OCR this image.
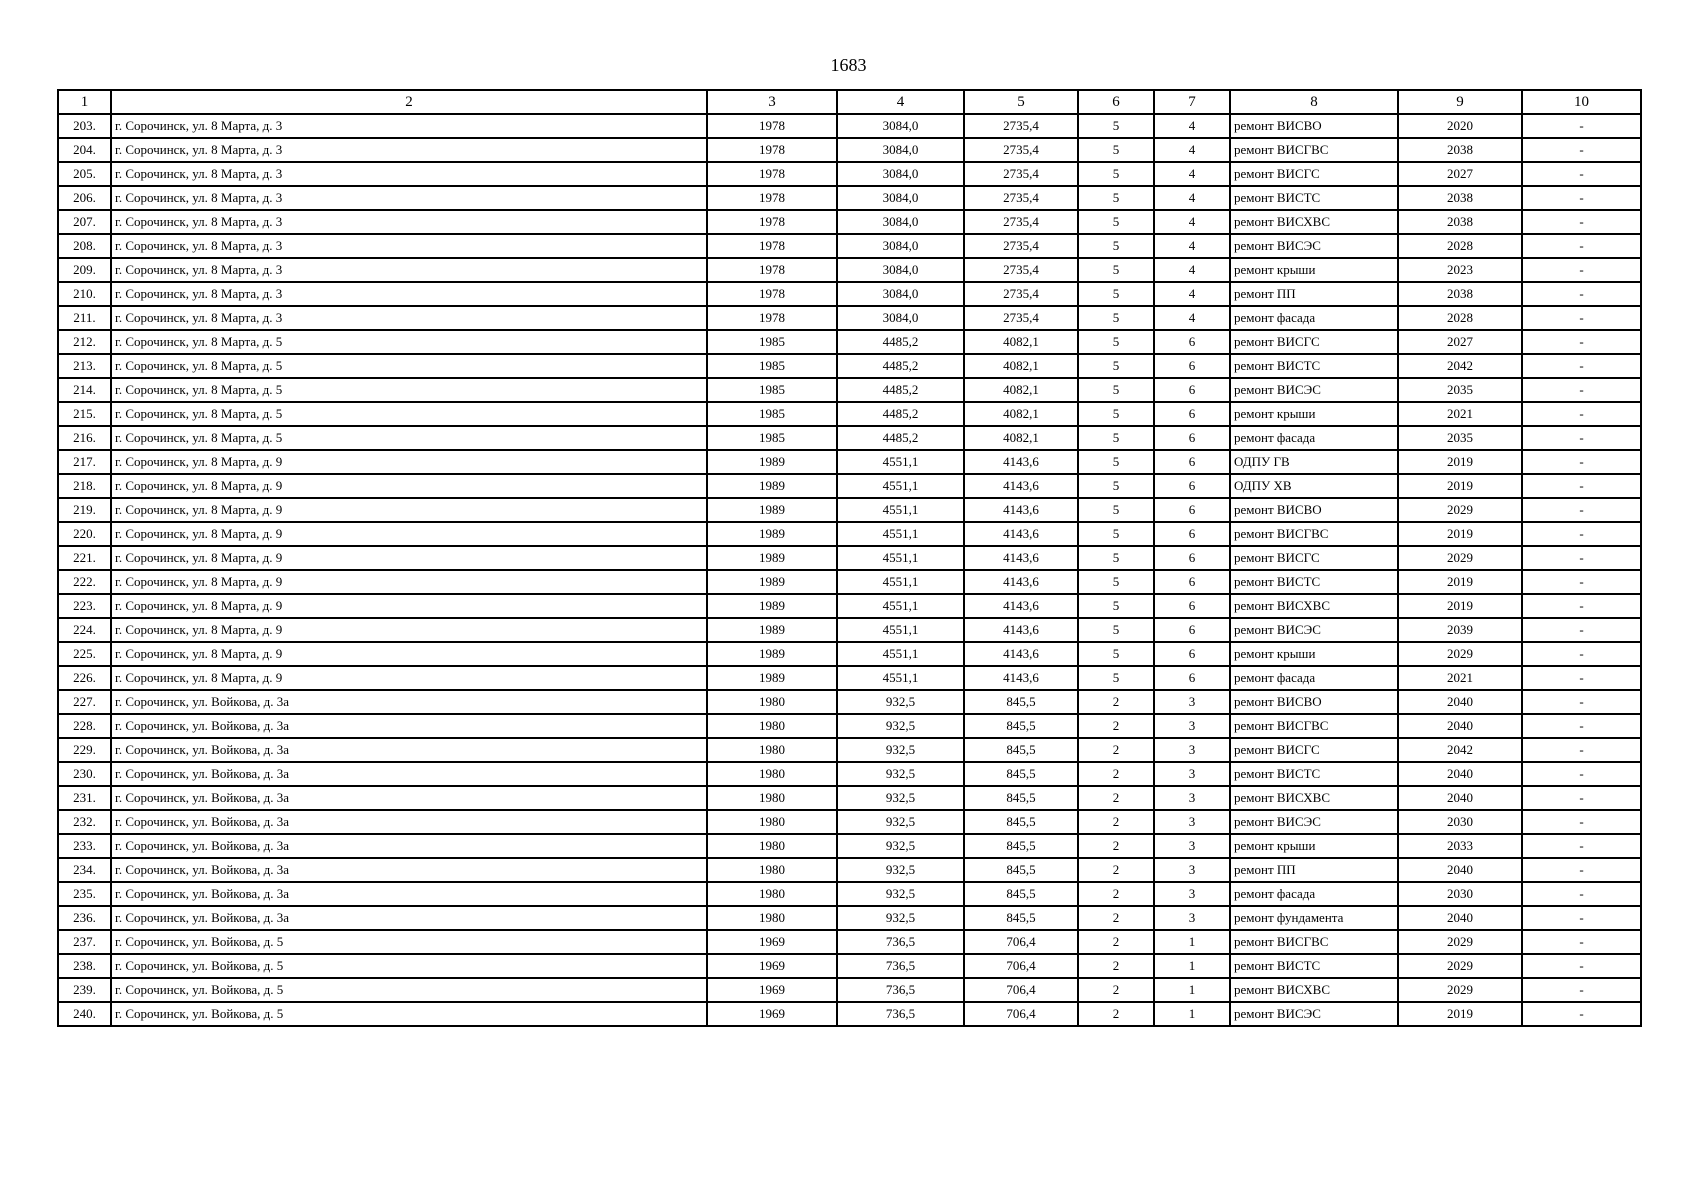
1683
1	2	3	4	5	6	7	8	9	10
203.	г. Сорочинск, ул. 8 Марта, д. 3	1978	3084,0	2735,4	5	4	ремонт ВИСВО	2020	-
204.	г. Сорочинск, ул. 8 Марта, д. 3	1978	3084,0	2735,4	5	4	ремонт ВИСГВС	2038	-
205.	г. Сорочинск, ул. 8 Марта, д. 3	1978	3084,0	2735,4	5	4	ремонт ВИСГС	2027	-
206.	г. Сорочинск, ул. 8 Марта, д. 3	1978	3084,0	2735,4	5	4	ремонт ВИСТС	2038	-
207.	г. Сорочинск, ул. 8 Марта, д. 3	1978	3084,0	2735,4	5	4	ремонт ВИСХВС	2038	-
208.	г. Сорочинск, ул. 8 Марта, д. 3	1978	3084,0	2735,4	5	4	ремонт ВИСЭС	2028	-
209.	г. Сорочинск, ул. 8 Марта, д. 3	1978	3084,0	2735,4	5	4	ремонт крыши	2023	-
210.	г. Сорочинск, ул. 8 Марта, д. 3	1978	3084,0	2735,4	5	4	ремонт ПП	2038	-
211.	г. Сорочинск, ул. 8 Марта, д. 3	1978	3084,0	2735,4	5	4	ремонт фасада	2028	-
212.	г. Сорочинск, ул. 8 Марта, д. 5	1985	4485,2	4082,1	5	6	ремонт ВИСГС	2027	-
213.	г. Сорочинск, ул. 8 Марта, д. 5	1985	4485,2	4082,1	5	6	ремонт ВИСТС	2042	-
214.	г. Сорочинск, ул. 8 Марта, д. 5	1985	4485,2	4082,1	5	6	ремонт ВИСЭС	2035	-
215.	г. Сорочинск, ул. 8 Марта, д. 5	1985	4485,2	4082,1	5	6	ремонт крыши	2021	-
216.	г. Сорочинск, ул. 8 Марта, д. 5	1985	4485,2	4082,1	5	6	ремонт фасада	2035	-
217.	г. Сорочинск, ул. 8 Марта, д. 9	1989	4551,1	4143,6	5	6	ОДПУ ГВ	2019	-
218.	г. Сорочинск, ул. 8 Марта, д. 9	1989	4551,1	4143,6	5	6	ОДПУ ХВ	2019	-
219.	г. Сорочинск, ул. 8 Марта, д. 9	1989	4551,1	4143,6	5	6	ремонт ВИСВО	2029	-
220.	г. Сорочинск, ул. 8 Марта, д. 9	1989	4551,1	4143,6	5	6	ремонт ВИСГВС	2019	-
221.	г. Сорочинск, ул. 8 Марта, д. 9	1989	4551,1	4143,6	5	6	ремонт ВИСГС	2029	-
222.	г. Сорочинск, ул. 8 Марта, д. 9	1989	4551,1	4143,6	5	6	ремонт ВИСТС	2019	-
223.	г. Сорочинск, ул. 8 Марта, д. 9	1989	4551,1	4143,6	5	6	ремонт ВИСХВС	2019	-
224.	г. Сорочинск, ул. 8 Марта, д. 9	1989	4551,1	4143,6	5	6	ремонт ВИСЭС	2039	-
225.	г. Сорочинск, ул. 8 Марта, д. 9	1989	4551,1	4143,6	5	6	ремонт крыши	2029	-
226.	г. Сорочинск, ул. 8 Марта, д. 9	1989	4551,1	4143,6	5	6	ремонт фасада	2021	-
227.	г. Сорочинск, ул. Войкова, д. 3а	1980	932,5	845,5	2	3	ремонт ВИСВО	2040	-
228.	г. Сорочинск, ул. Войкова, д. 3а	1980	932,5	845,5	2	3	ремонт ВИСГВС	2040	-
229.	г. Сорочинск, ул. Войкова, д. 3а	1980	932,5	845,5	2	3	ремонт ВИСГС	2042	-
230.	г. Сорочинск, ул. Войкова, д. 3а	1980	932,5	845,5	2	3	ремонт ВИСТС	2040	-
231.	г. Сорочинск, ул. Войкова, д. 3а	1980	932,5	845,5	2	3	ремонт ВИСХВС	2040	-
232.	г. Сорочинск, ул. Войкова, д. 3а	1980	932,5	845,5	2	3	ремонт ВИСЭС	2030	-
233.	г. Сорочинск, ул. Войкова, д. 3а	1980	932,5	845,5	2	3	ремонт крыши	2033	-
234.	г. Сорочинск, ул. Войкова, д. 3а	1980	932,5	845,5	2	3	ремонт ПП	2040	-
235.	г. Сорочинск, ул. Войкова, д. 3а	1980	932,5	845,5	2	3	ремонт фасада	2030	-
236.	г. Сорочинск, ул. Войкова, д. 3а	1980	932,5	845,5	2	3	ремонт фундамента	2040	-
237.	г. Сорочинск, ул. Войкова, д. 5	1969	736,5	706,4	2	1	ремонт ВИСГВС	2029	-
238.	г. Сорочинск, ул. Войкова, д. 5	1969	736,5	706,4	2	1	ремонт ВИСТС	2029	-
239.	г. Сорочинск, ул. Войкова, д. 5	1969	736,5	706,4	2	1	ремонт ВИСХВС	2029	-
240.	г. Сорочинск, ул. Войкова, д. 5	1969	736,5	706,4	2	1	ремонт ВИСЭС	2019	-
